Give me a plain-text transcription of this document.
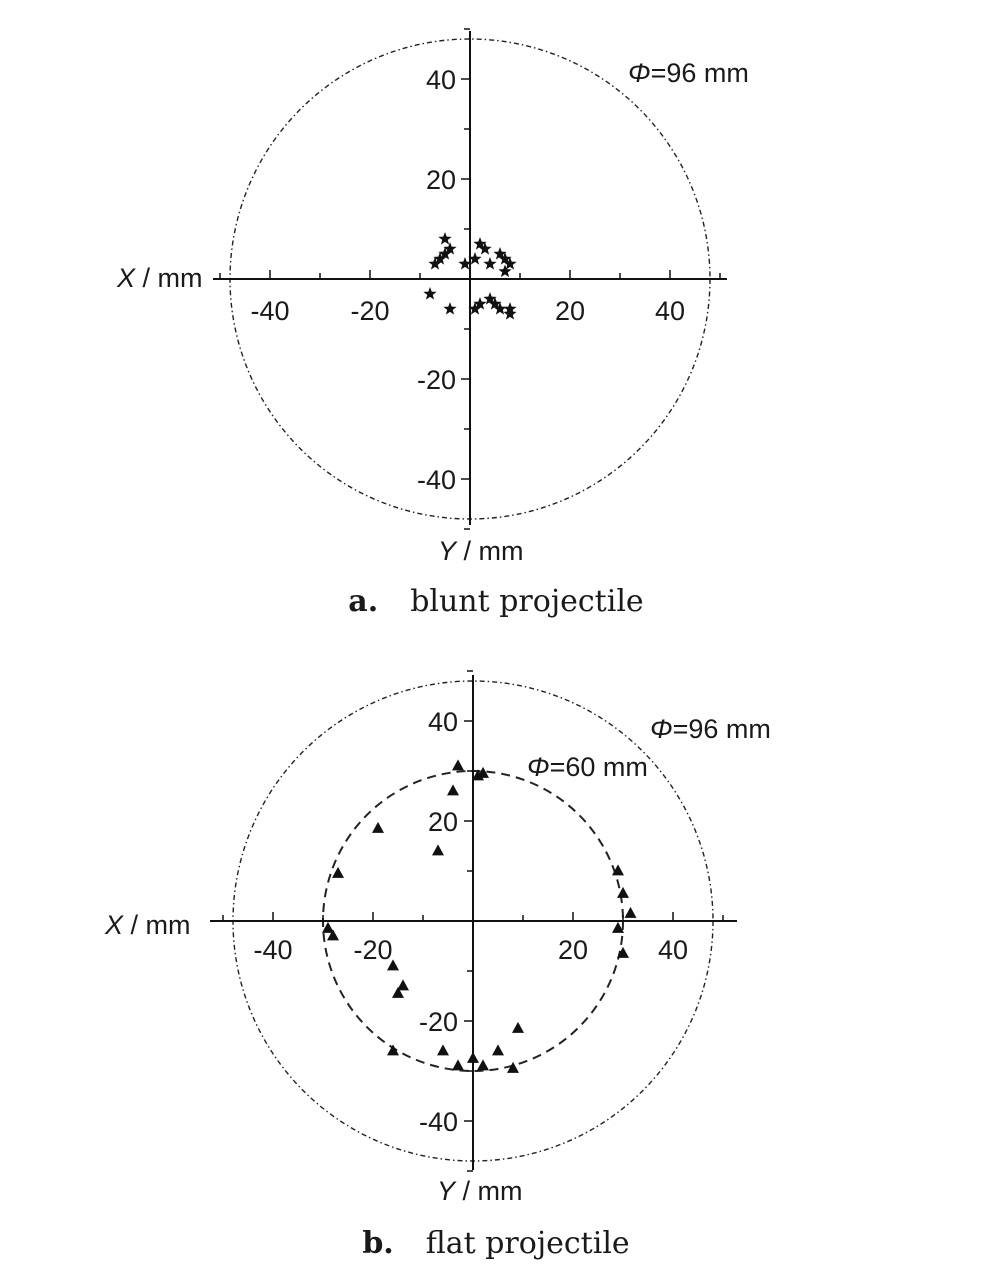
-40 -20	20	40
40
20
-20
-40
Φ=96 mm
X / mm
Y / mm
a. blunt projectile
-40 -20	20	40
40
20
-20
-40
Φ=96 mm
Φ=60 mm
X / mm
Y / mm
b. flat projectile
